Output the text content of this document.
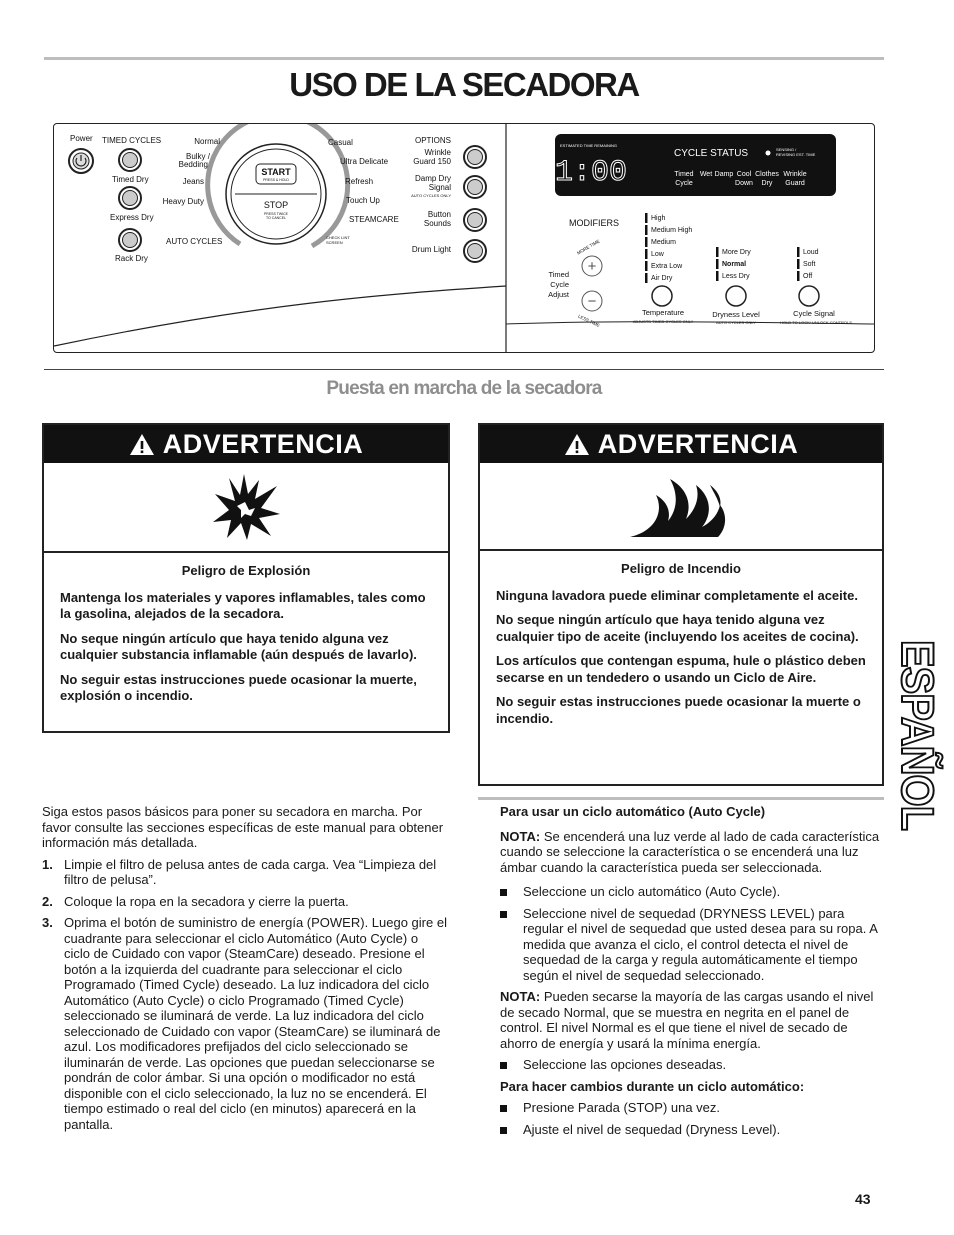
USO DE LA SECADORA
Power TIMED CYCLES
Timed Dry
Express Dry
Rack Dry
START
PRESS & HOLD
STOP
PRESS TWICE
TO CANCEL
Normal
Bulky /
Bedding
Jeans
Heavy Duty
AUTO CYCLES
Casual
Ultra Delicate
Refresh
Touch Up
STEAMCARE
CHECK LINT
SCREEN
OPTIONS
Wrinkle
Guard 150
Damp Dry
Signal
AUTO CYCLES ONLY
Button
Sounds
Drum Light
ESTIMATED TIME REMAINING
1:00
CYCLE STATUS	SENSING /
REVISING EST. TIME
Timed
Cycle
Wet Damp Cool
Down
Clothes
Dry
Wrinkle
Guard
MODIFIERS
MORE TIME
+
−
LESS TIME
Timed
Cycle
Adjust
High
Medium High
Medium
Low
Extra Low
Air Dry
More Dry
Normal
Less Dry
Loud
Soft
Off
Temperature
ADJUSTS TIMED CYCLES ONLY
Dryness Level
AUTO CYCLES ONLY
Cycle Signal
HOLD TO LOCK/ UNLOCK CONTROLS
Puesta en marcha de la secadora
ADVERTENCIA

Peligro de Explosión

Mantenga los materiales y vapores inflamables, tales como la gasolina, alejados de la secadora.

No seque ningún artículo que haya tenido alguna vez cualquier substancia inflamable (aún después de lavarlo).

No seguir estas instrucciones puede ocasionar la muerte, explosión o incendio.

ADVERTENCIA

Peligro de Incendio

Ninguna lavadora puede eliminar completamente el aceite.

No seque ningún artículo que haya tenido alguna vez cualquier tipo de aceite (incluyendo los aceites de cocina).

Los artículos que contengan espuma, hule o plástico deben secarse en un tendedero o usando un Ciclo de Aire.

No seguir estas instrucciones puede ocasionar la muerte o incendio.

Siga estos pasos básicos para poner su secadora en marcha. Por favor consulte las secciones específicas de este manual para obtener información más detallada.

1. Limpie el filtro de pelusa antes de cada carga. Vea “Limpieza del filtro de pelusa”.
2. Coloque la ropa en la secadora y cierre la puerta.
3. Oprima el botón de suministro de energía (POWER). Luego gire el cuadrante para seleccionar el ciclo Automático (Auto Cycle) o ciclo de Cuidado con vapor (SteamCare) deseado. Presione el botón a la izquierda del cuadrante para seleccionar el ciclo Programado (Timed Cycle) deseado. La luz indicadora del ciclo Automático (Auto Cycle) o ciclo Programado (Timed Cycle) seleccionado se iluminará de verde. La luz indicadora del ciclo seleccionado de Cuidado con vapor (SteamCare) se iluminará de azul. Los modificadores prefijados del ciclo seleccionado se iluminarán de verde. Las opciones que puedan seleccionarse se pondrán de color ámbar. Si una opción o modificador no está disponible con el ciclo seleccionado, la luz no se encenderá. El tiempo estimado o real del ciclo (en minutos) aparecerá en la pantalla.

Para usar un ciclo automático (Auto Cycle)

NOTA: Se encenderá una luz verde al lado de cada característica cuando se seleccione la característica o se encenderá una luz ámbar cuando la característica pueda ser seleccionada.

Seleccione un ciclo automático (Auto Cycle).
Seleccione nivel de sequedad (DRYNESS LEVEL) para regular el nivel de sequedad que usted desea para su ropa. A medida que avanza el ciclo, el control detecta el nivel de sequedad de la carga y regula automáticamente el tiempo según el nivel de sequedad seleccionado.

NOTA: Pueden secarse la mayoría de las cargas usando el nivel de secado Normal, que se muestra en negrita en el panel de control. El nivel Normal es el que tiene el nivel de secado de ahorro de energía y usará la mínima energía.

Seleccione las opciones deseadas.

Para hacer cambios durante un ciclo automático:

Presione Parada (STOP) una vez.
Ajuste el nivel de sequedad (Dryness Level).
ESPAÑOL
43
